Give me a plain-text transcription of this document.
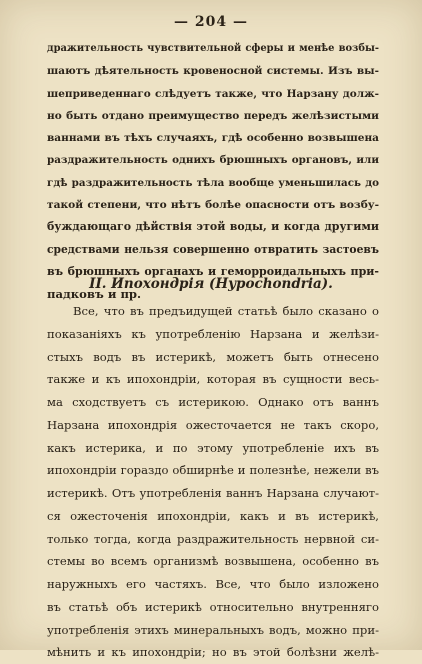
— 204 —
дражительность чувствительной сферы и менѣе возбы-
шаютъ дѣятельность кровеносной системы. Изъ вы-
шеприведеннаго слѣдуетъ также, что Нарзану долж-
но быть отдано преимущество передъ желѣзистыми
ваннами въ тѣхъ случаяхъ, гдѣ особенно возвышена
раздражительность однихъ брюшныхъ органовъ, или
гдѣ раздражительность тѣла вообще уменьшилась до
такой степени, что нѣтъ болѣе опасности отъ возбу-
буждающаго дѣйствія этой воды, и когда другими
средствами нельзя совершенно отвратить застоевъ
въ брюшныхъ органахъ и геморроидальныхъ при-
падковъ и пр.
II. Ипохондрія (Hypochondria).
Все, что въ предъидущей статьѣ было сказано о
показаніяхъ къ употребленію Нарзана и желѣзи-
стыхъ водъ въ истерикѣ, можетъ быть отнесено
также и къ ипохондріи, которая въ сущности весь-
ма сходствуетъ съ истерикою. Однако отъ ваннъ
Нарзана ипохондрія ожесточается не такъ скоро,
какъ истерика, и по этому употребленіе ихъ въ
ипохондріи гораздо обширнѣе и полезнѣе, нежели въ
истерикѣ. Отъ употребленія ваннъ Нарзана случают-
ся ожесточенія ипохондріи, какъ и въ истерикѣ,
только тогда, когда раздражительность нервной си-
стемы во всемъ организмѣ возвышена, особенно въ
наружныхъ его частяхъ. Все, что было изложено
въ статьѣ объ истерикѣ относительно внутренняго
употребленія этихъ минеральныхъ водъ, можно при-
мѣнить и къ ипохондріи; но въ этой болѣзни желѣ-
